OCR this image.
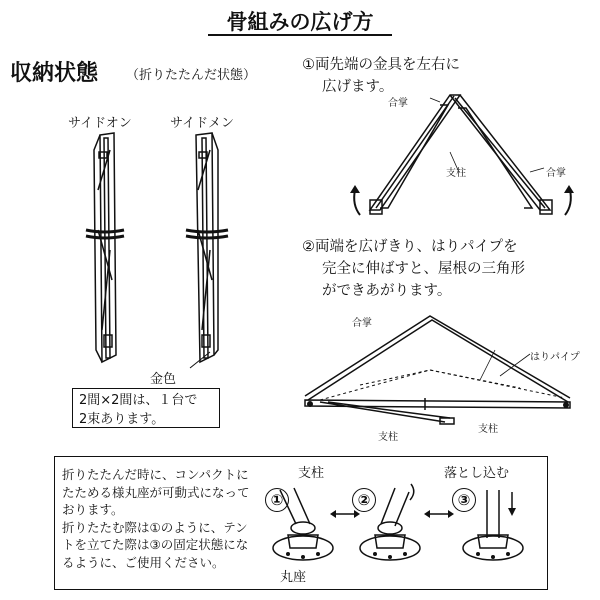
骨組みの広げ方
収納状態 （折りたたんだ状態）
サイドオン	サイドメン
金色
2間×2間は、１台で
2束あります。
①両先端の金具を左右に
広げます。
合掌
支柱	合掌
②両端を広げきり、はりパイプを
完全に伸ばすと、屋根の三角形
ができあがります。
合掌
はりパイプ
支柱
支柱
折りたたんだ時に、コンパクトに
たためる様丸座が可動式になって
おります。
折りたたむ際は①のように、テン
トを立てた際は③の固定状態にな
るように、ご使用ください。
支柱	落とし込む
丸座
①	②	③
